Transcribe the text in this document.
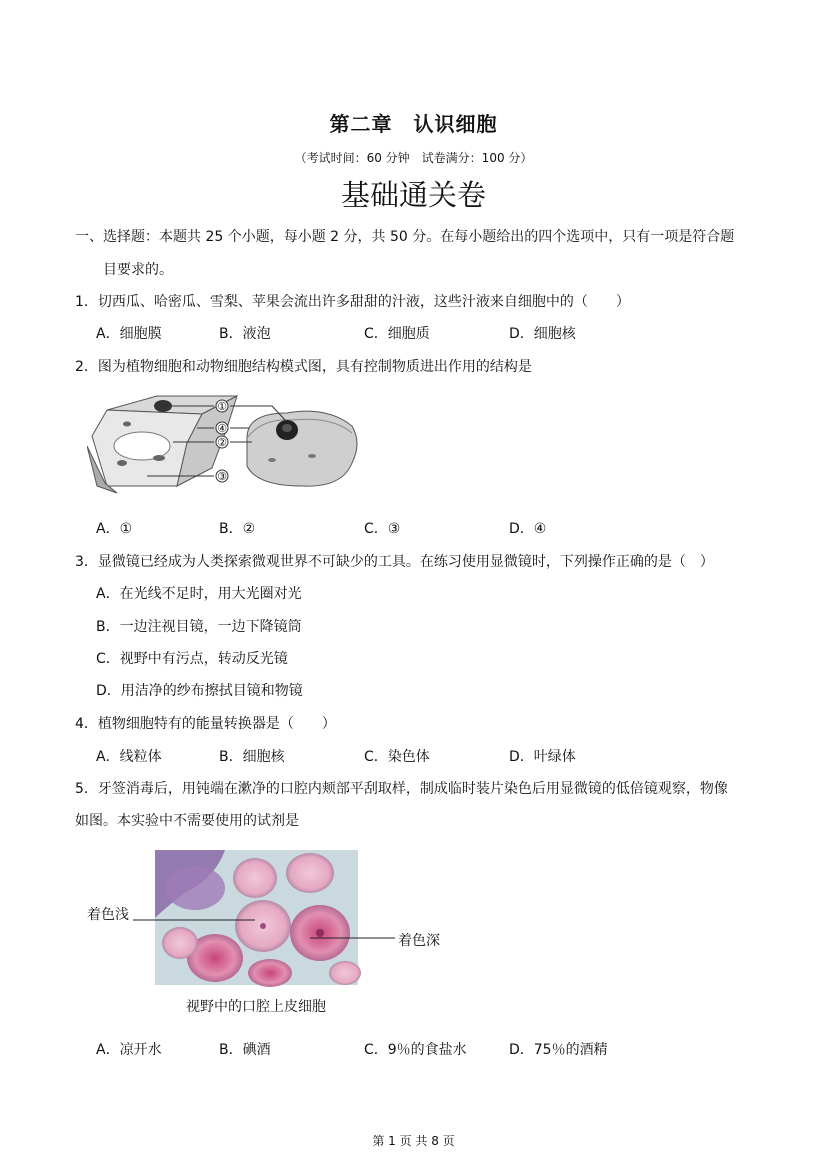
第二章　认识细胞
（考试时间：60 分钟　试卷满分：100 分）
基础通关卷
一、选择题：本题共 25 个小题，每小题 2 分，共 50 分。在每小题给出的四个选项中，只有一项是符合题
目要求的。
1．切西瓜、哈密瓜、雪梨、苹果会流出许多甜甜的汁液，这些汁液来自细胞中的（　　）
A．细胞膜	B．液泡	C．细胞质	D．细胞核
2．图为植物细胞和动物细胞结构模式图，具有控制物质进出作用的结构是
①
④
②
③
A．①	B．②	C．③	D．④
3．显微镜已经成为人类探索微观世界不可缺少的工具。在练习使用显微镜时，下列操作正确的是（　）
A．在光线不足时，用大光圈对光
B．一边注视目镜，一边下降镜筒
C．视野中有污点，转动反光镜
D．用洁净的纱布擦拭目镜和物镜
4．植物细胞特有的能量转换器是（　　）
A．线粒体	B．细胞核	C．染色体	D．叶绿体
5．牙签消毒后，用钝端在漱净的口腔内颊部平刮取样，制成临时装片染色后用显微镜的低倍镜观察，物像
如图。本实验中不需要使用的试剂是
着色浅
着色深
视野中的口腔上皮细胞
A．凉开水	B．碘酒	C．9％的食盐水	D．75％的酒精
第 1 页 共 8 页
